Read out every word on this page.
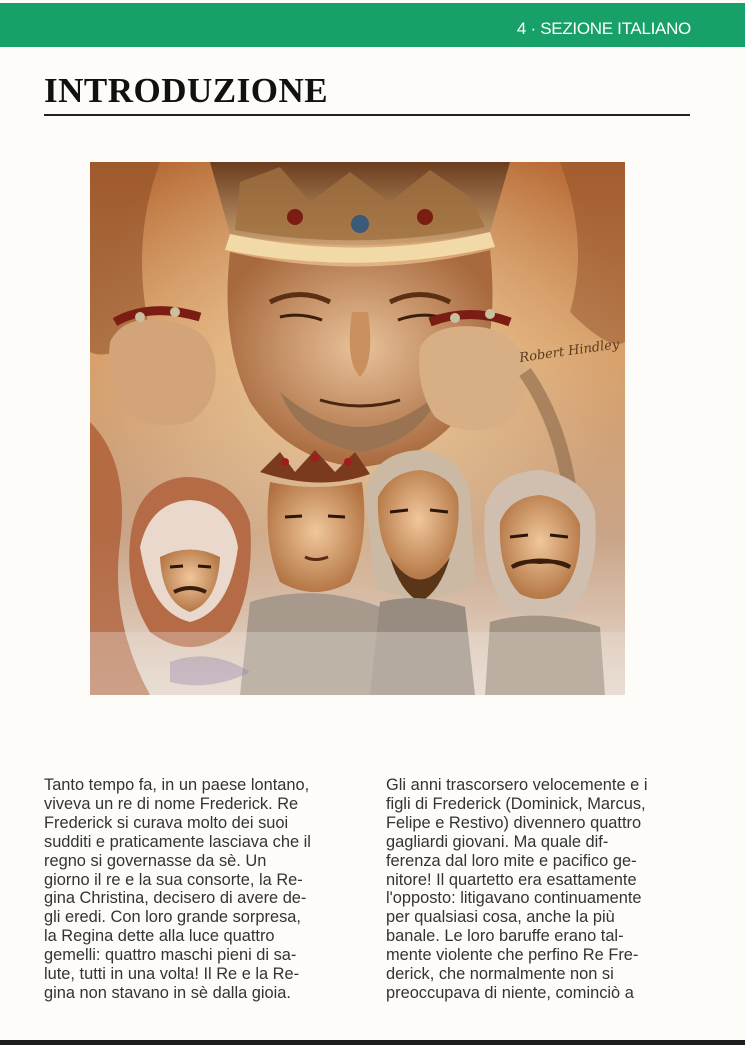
4 · SEZIONE ITALIANO
INTRODUZIONE
Robert Hindley
Tanto tempo fa, in un paese lontano,
viveva un re di nome Frederick. Re
Frederick si curava molto dei suoi
sudditi e praticamente lasciava che il
regno si governasse da sè. Un
giorno il re e la sua consorte, la Re-
gina Christina, decisero di avere de-
gli eredi. Con loro grande sorpresa,
la Regina dette alla luce quattro
gemelli: quattro maschi pieni di sa-
lute, tutti in una volta! Il Re e la Re-
gina non stavano in sè dalla gioia.
Gli anni trascorsero velocemente e i
figli di Frederick (Dominick, Marcus,
Felipe e Restivo) divennero quattro
gagliardi giovani. Ma quale dif-
ferenza dal loro mite e pacifico ge-
nitore! Il quartetto era esattamente
l'opposto: litigavano continuamente
per qualsiasi cosa, anche la più
banale. Le loro baruffe erano tal-
mente violente che perfino Re Fre-
derick, che normalmente non si
preoccupava di niente, cominciò a
